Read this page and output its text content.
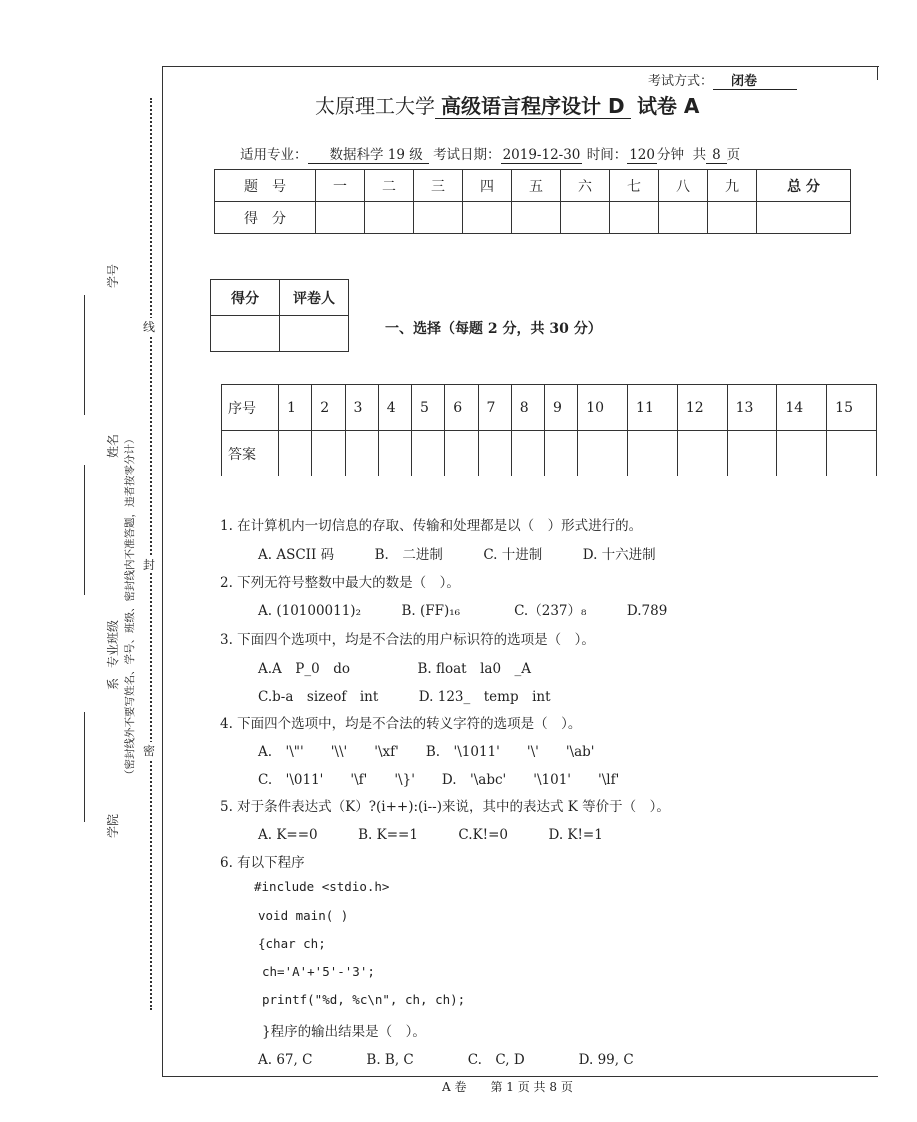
密
封
线
学院
系
专业班级
姓名
学号
（密封线外不要写姓名、学号、班级、密封线内不准答题，违者按零分计）
考试方式： 闭卷
太原理工大学 高级语言程序设计 D 试卷 A
适用专业： 数据科学 19 级 考试日期： 2019-12-30 时间： 120 分钟 共 8 页
题　号	一	二	三	四	五	六	七	八	九	总 分
得　分										
得分	评卷人

一、选择（每题 2 分，共 30 分）
序号	1	2	3	4	5	6	7	8	9	10	11	12	13	14	15
答案															
1. 在计算机内一切信息的存取、传输和处理都是以（　）形式进行的。
A. ASCII 码　　　B.　二进制　　　C. 十进制　　　D. 十六进制
2. 下列无符号整数中最大的数是（　）。
A. (10100011)₂　　　B. (FF)₁₆　　　　C.（237）₈　　　D.789
3. 下面四个选项中，均是不合法的用户标识符的选项是（　）。
A.A　P_0　do　　　　　B. float　la0　_A
C.b-a　sizeof　int　　　D. 123_　temp　int
4. 下面四个选项中，均是不合法的转义字符的选项是（　）。
A.　'\"'　　'\\'　　'\xf'　　B.　'\1011'　　'\'　　'\ab'
C.　'\011'　　'\f'　　'\}'　　D.　'\abc'　　'\101'　　'\lf'
5. 对于条件表达式（K）?(i++):(i--)来说，其中的表达式 K 等价于（　）。
A. K==0　　　B. K==1　　　C.K!=0　　　D. K!=1
6. 有以下程序
#include <stdio.h>
void main( )
{char ch;
ch='A'+'5'-'3';
printf("%d, %c\n", ch, ch);
}程序的输出结果是（　）。
A. 67, C　　　　B. B, C　　　　C.　C, D　　　　D. 99, C
A 卷　　第 1 页 共 8 页
